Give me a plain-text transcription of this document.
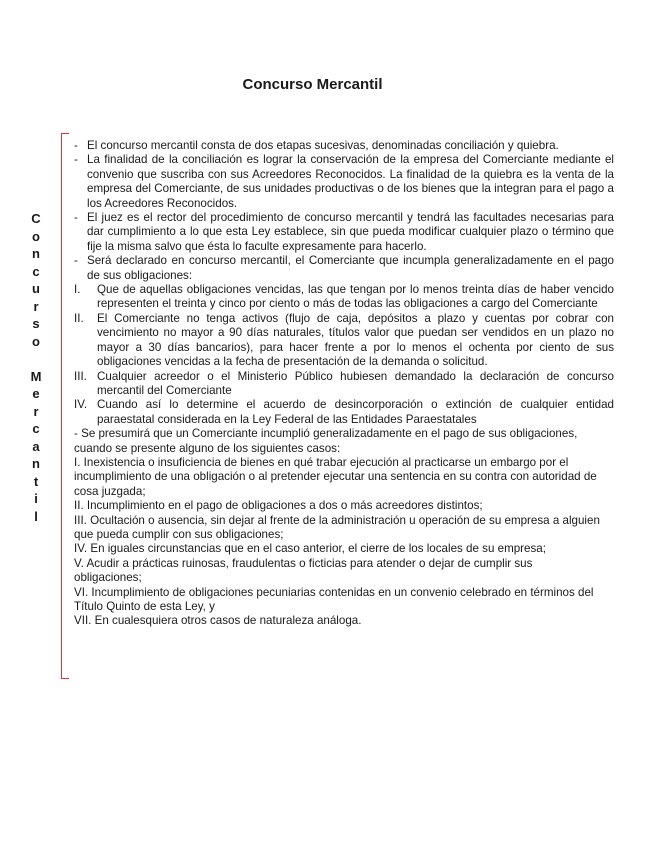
Concurso Mercantil
C
o
n
c
u
r
s
o

M
e
r
c
a
n
t
i
l
- El concurso mercantil consta de dos etapas sucesivas, denominadas conciliación y quiebra.
- La finalidad de la conciliación es lograr la conservación de la empresa del Comerciante mediante el convenio que suscriba con sus Acreedores Reconocidos. La finalidad de la quiebra es la venta de la empresa del Comerciante, de sus unidades productivas o de los bienes que la integran para el pago a los Acreedores Reconocidos.
- El juez es el rector del procedimiento de concurso mercantil y tendrá las facultades necesarias para dar cumplimiento a lo que esta Ley establece, sin que pueda modificar cualquier plazo o término que fije la misma salvo que ésta lo faculte expresamente para hacerlo.
- Será declarado en concurso mercantil, el Comerciante que incumpla generalizadamente en el pago de sus obligaciones:
I.	Que de aquellas obligaciones vencidas, las que tengan por lo menos treinta días de haber vencido representen el treinta y cinco por ciento o más de todas las obligaciones a cargo del Comerciante
II.	El Comerciante no tenga activos (flujo de caja, depósitos a plazo y cuentas por cobrar con vencimiento no mayor a 90 días naturales, títulos valor que puedan ser vendidos en un plazo no mayor a 30 días bancarios), para hacer frente a por lo menos el ochenta por ciento de sus obligaciones vencidas a la fecha de presentación de la demanda o solicitud.
III. Cualquier acreedor o el Ministerio Público hubiesen demandado la declaración de concurso mercantil del Comerciante
IV. Cuando así lo determine el acuerdo de desincorporación o extinción de cualquier entidad paraestatal considerada en la Ley Federal de las Entidades Paraestatales
- Se presumirá que un Comerciante incumplió generalizadamente en el pago de sus obligaciones, cuando se presente alguno de los siguientes casos:
I. Inexistencia o insuficiencia de bienes en qué trabar ejecución al practicarse un embargo por el incumplimiento de una obligación o al pretender ejecutar una sentencia en su contra con autoridad de cosa juzgada;
II. Incumplimiento en el pago de obligaciones a dos o más acreedores distintos;
III. Ocultación o ausencia, sin dejar al frente de la administración u operación de su empresa a alguien que pueda cumplir con sus obligaciones;
IV. En iguales circunstancias que en el caso anterior, el cierre de los locales de su empresa;
V. Acudir a prácticas ruinosas, fraudulentas o ficticias para atender o dejar de cumplir sus obligaciones;
VI. Incumplimiento de obligaciones pecuniarias contenidas en un convenio celebrado en términos del
Título Quinto de esta Ley, y
VII. En cualesquiera otros casos de naturaleza análoga.
